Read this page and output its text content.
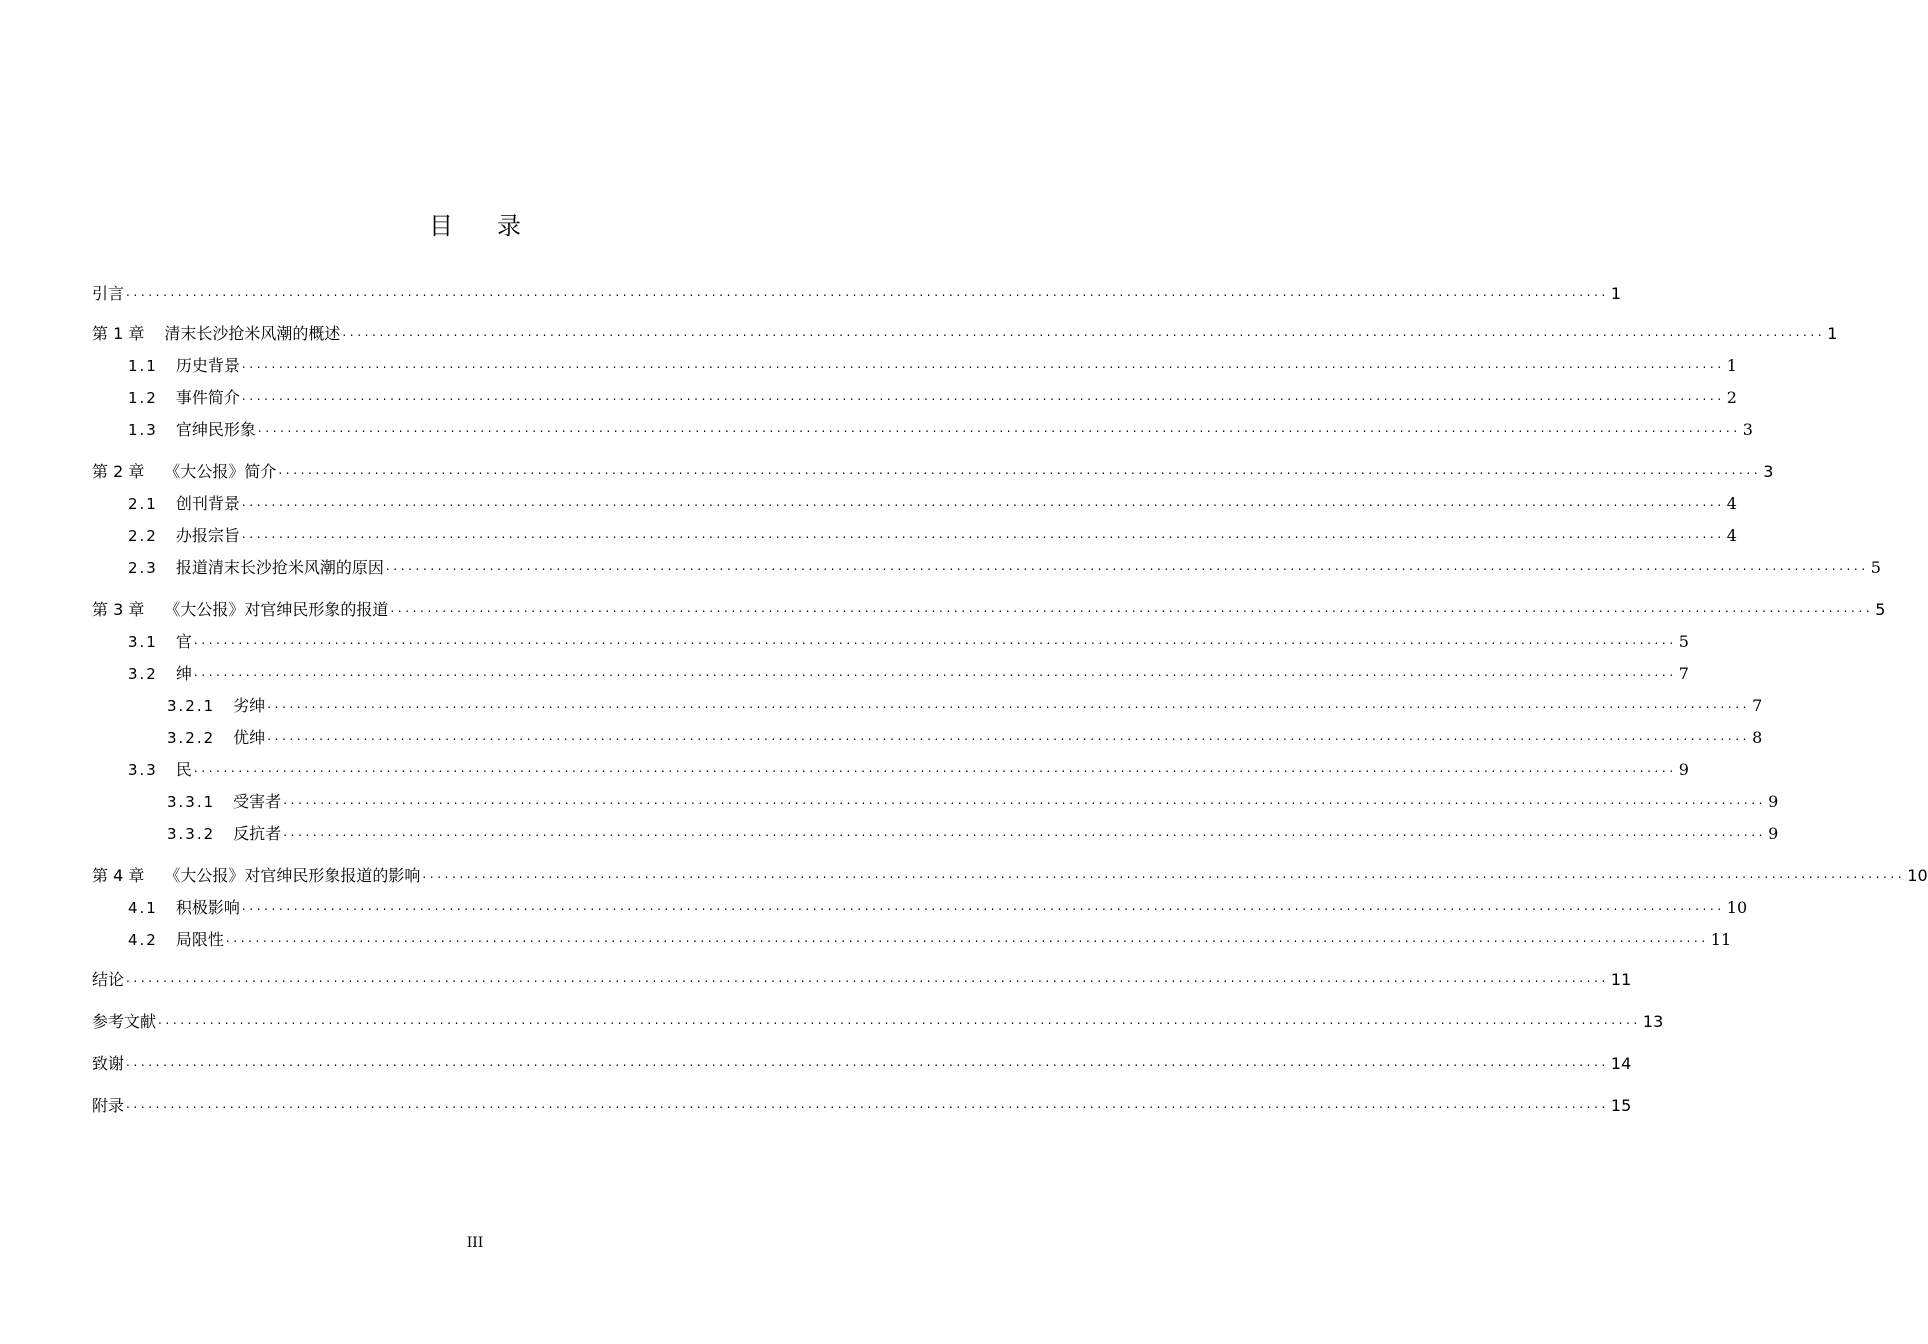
目录
引言 ........................................................................................................................................................................................................ 1
第 1 章 清末长沙抢米风潮的概述 ........................................................................................................................................................................................................ 1
1.1 历史背景 ........................................................................................................................................................................................................ 1
1.2 事件简介 ........................................................................................................................................................................................................ 2
1.3 官绅民形象 ........................................................................................................................................................................................................ 3
第 2 章 《大公报》简介 ........................................................................................................................................................................................................ 3
2.1 创刊背景 ........................................................................................................................................................................................................ 4
2.2 办报宗旨 ........................................................................................................................................................................................................ 4
2.3 报道清末长沙抢米风潮的原因 ........................................................................................................................................................................................................ 5
第 3 章 《大公报》对官绅民形象的报道 ........................................................................................................................................................................................................ 5
3.1 官 ........................................................................................................................................................................................................ 5
3.2 绅 ........................................................................................................................................................................................................ 7
3.2.1 劣绅 ........................................................................................................................................................................................................ 7
3.2.2 优绅 ........................................................................................................................................................................................................ 8
3.3 民 ........................................................................................................................................................................................................ 9
3.3.1 受害者 ........................................................................................................................................................................................................ 9
3.3.2 反抗者 ........................................................................................................................................................................................................ 9
第 4 章 《大公报》对官绅民形象报道的影响 ........................................................................................................................................................................................................ 10
4.1 积极影响 ........................................................................................................................................................................................................ 10
4.2 局限性 ........................................................................................................................................................................................................ 11
结论 ........................................................................................................................................................................................................ 11
参考文献 ........................................................................................................................................................................................................ 13
致谢 ........................................................................................................................................................................................................ 14
附录 ........................................................................................................................................................................................................ 15
III
